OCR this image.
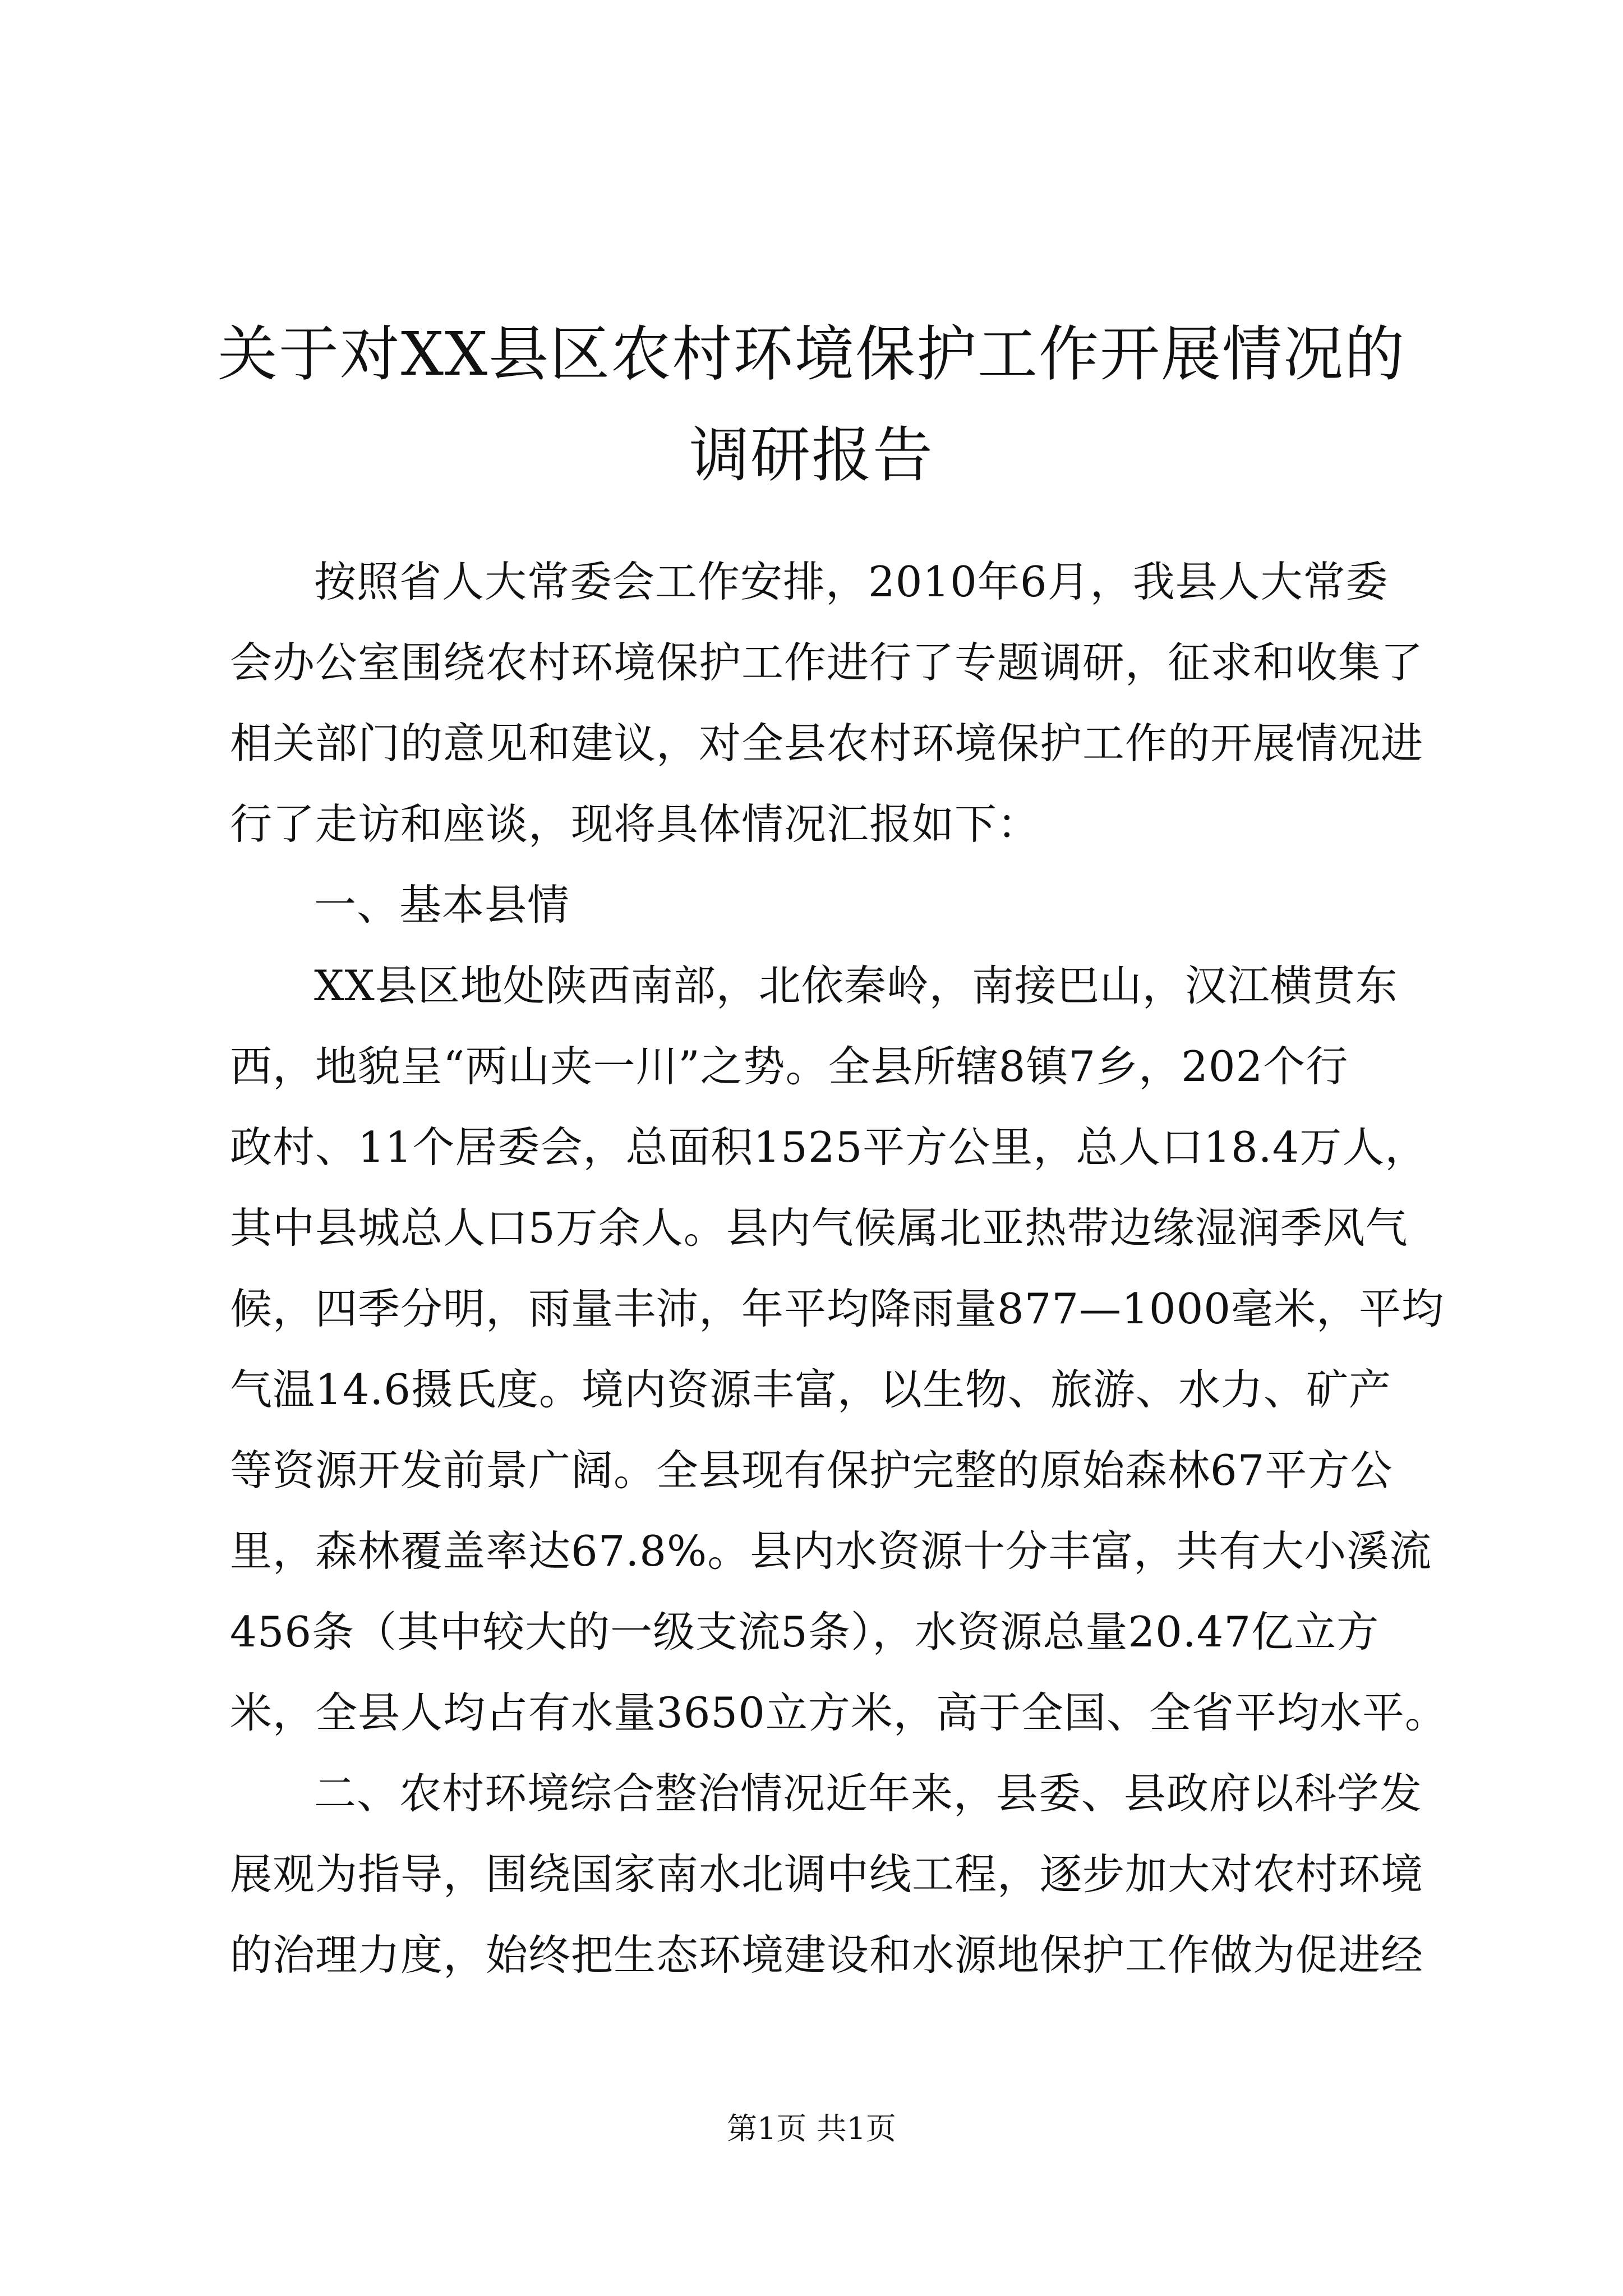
关于对XX县区农村环境保护工作开展情况的
调研报告

按照省人大常委会工作安排，2010年6月，我县人大常委
会办公室围绕农村环境保护工作进行了专题调研，征求和收集了
相关部门的意见和建议，对全县农村环境保护工作的开展情况进
行了走访和座谈，现将具体情况汇报如下：

一、基本县情

XX县区地处陕西南部，北依秦岭，南接巴山，汉江横贯东
西，地貌呈“两山夹一川”之势。全县所辖8镇7乡，202个行
政村、11个居委会，总面积1525平方公里，总人口18.4万人，
其中县城总人口5万余人。县内气候属北亚热带边缘湿润季风气
候，四季分明，雨量丰沛，年平均降雨量877—1000毫米，平均
气温14.6摄氏度。境内资源丰富，以生物、旅游、水力、矿产
等资源开发前景广阔。全县现有保护完整的原始森林67平方公
里，森林覆盖率达67.8%。县内水资源十分丰富，共有大小溪流
456条（其中较大的一级支流5条），水资源总量20.47亿立方
米，全县人均占有水量3650立方米，高于全国、全省平均水平。

二、农村环境综合整治情况近年来，县委、县政府以科学发
展观为指导，围绕国家南水北调中线工程，逐步加大对农村环境
的治理力度，始终把生态环境建设和水源地保护工作做为促进经

第1页 共1页
